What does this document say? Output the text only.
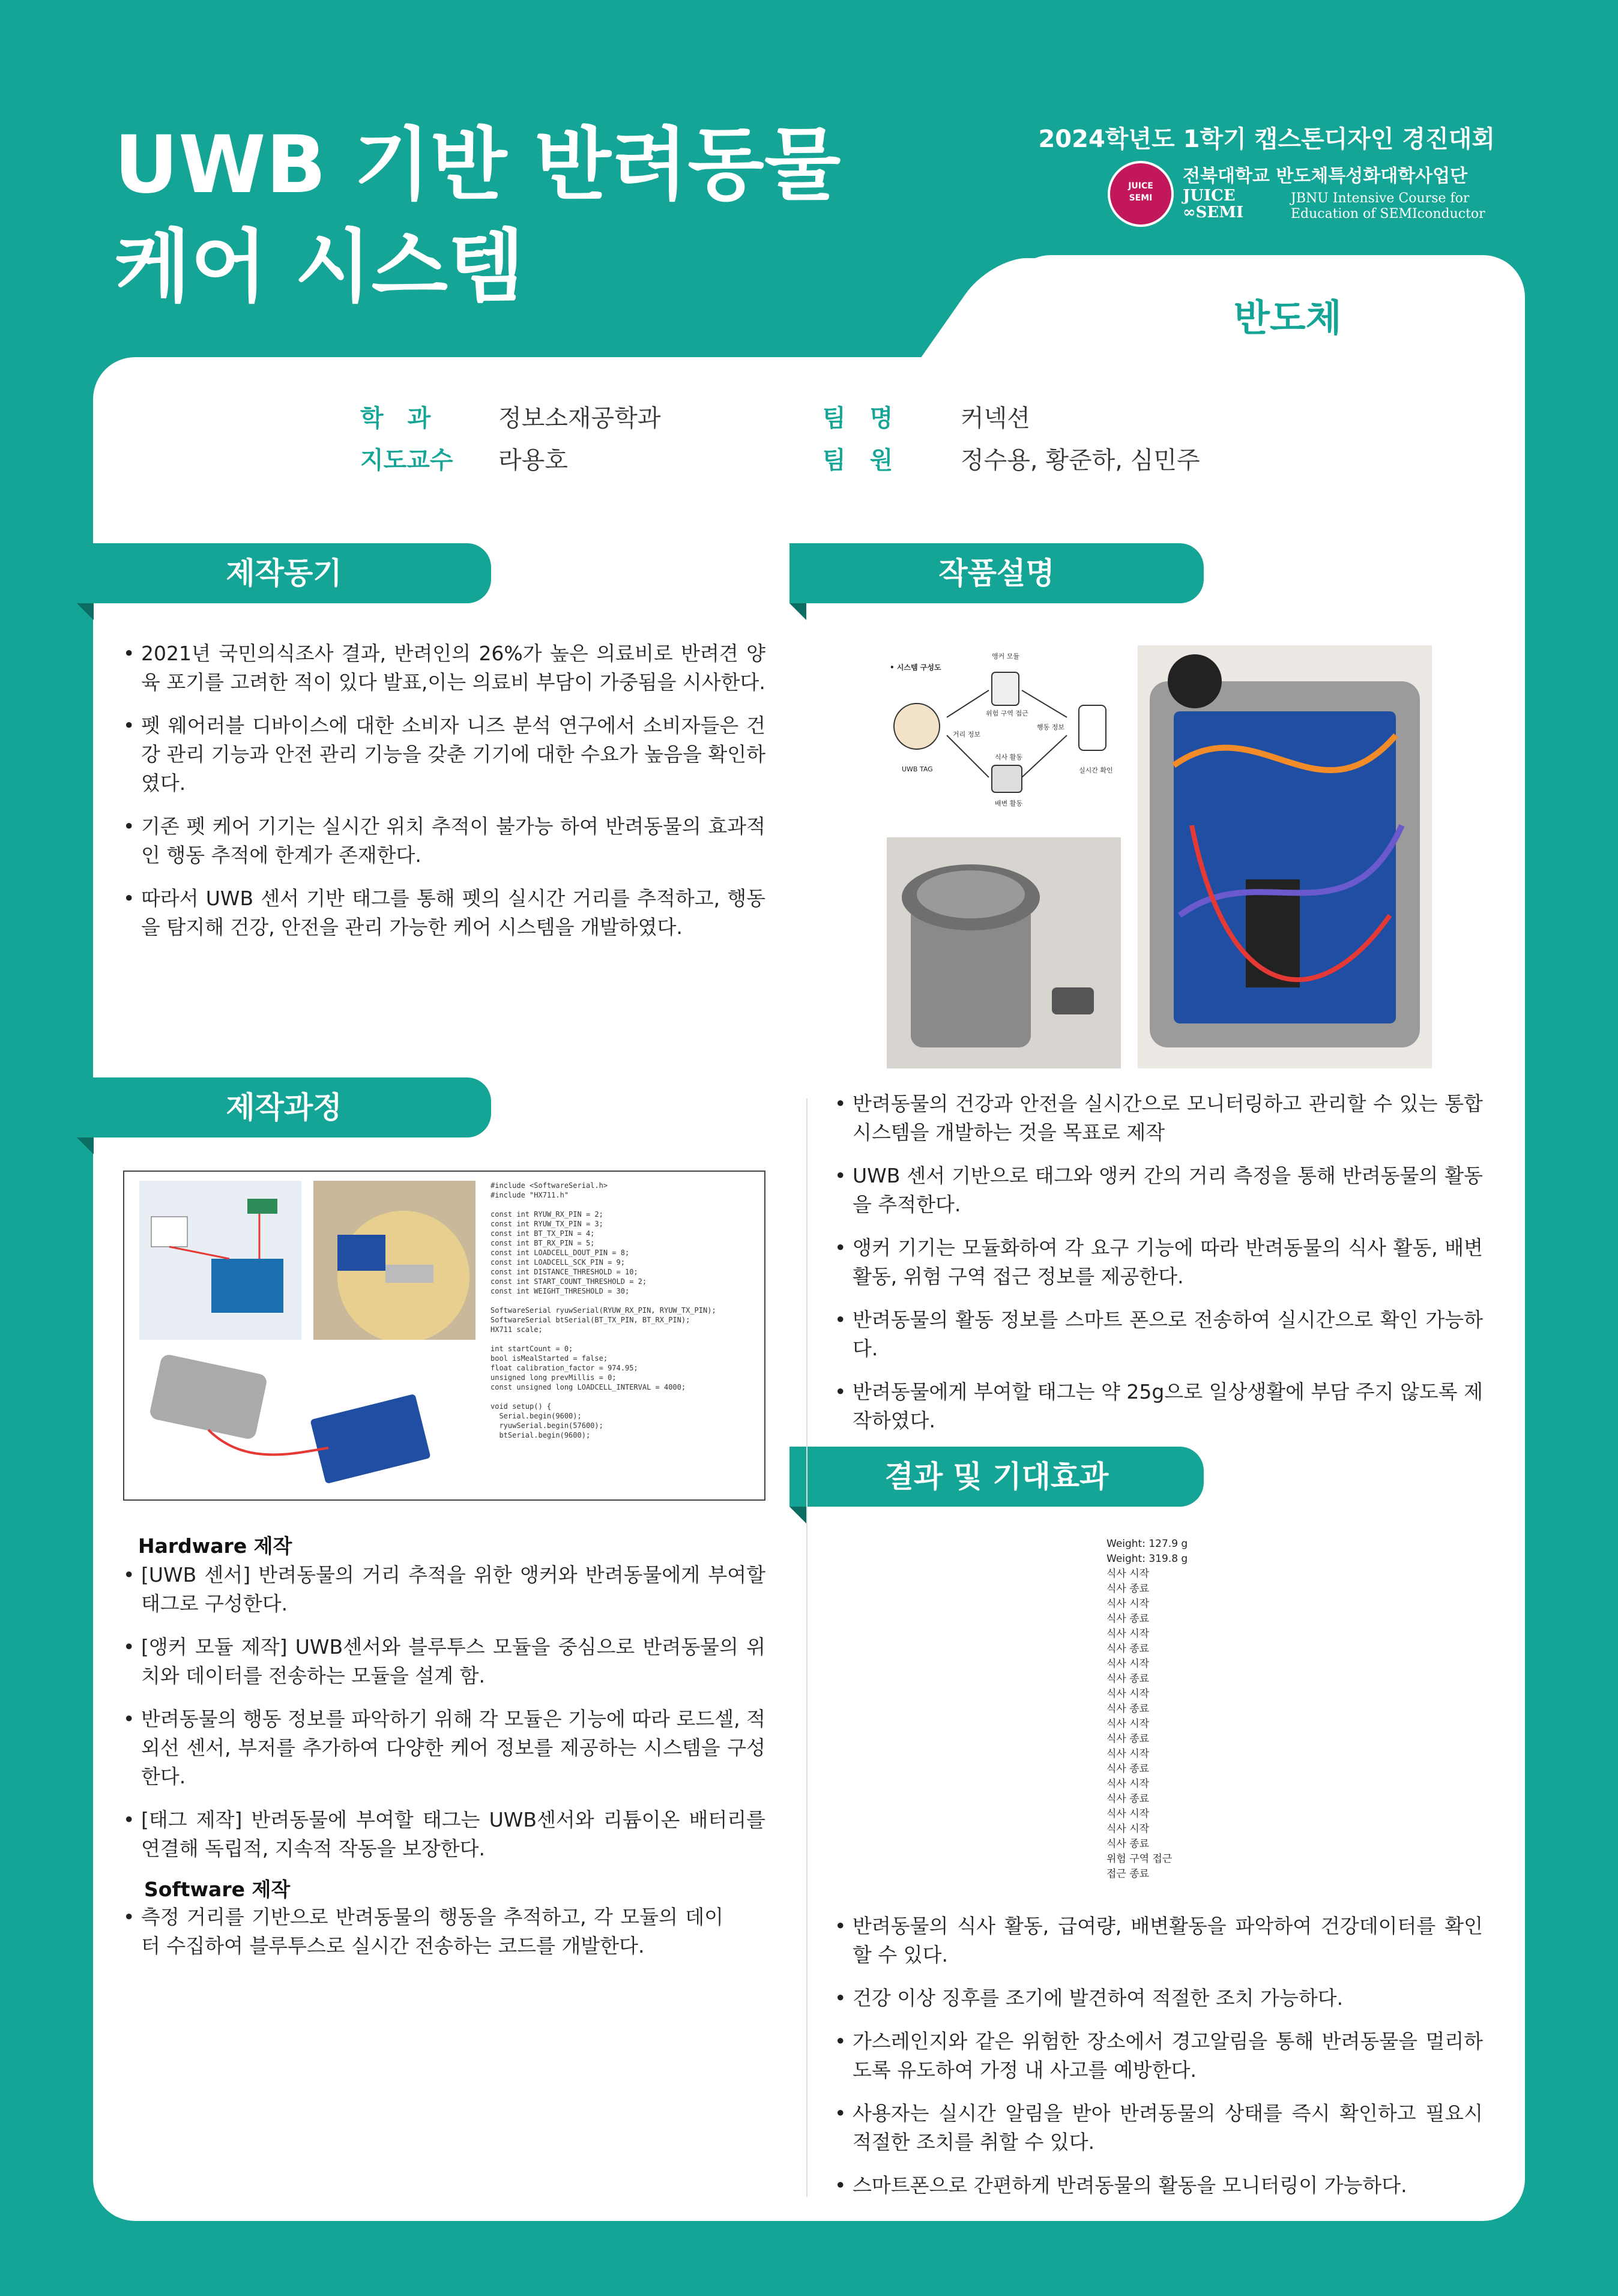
UWB 기반 반려동물
케어 시스템
2024학년도 1학기 캡스톤디자인 경진대회
JUICE
SEMI
전북대학교 반도체특성화대학사업단
JUICE
∞SEMI
JBNU Intensive Course for
Education of SEMIconductor
반도체
학　과	정보소재공학과
지도교수 라용호
팀　명	커넥션
팀　원	정수용, 황준하, 심민주
제작동기
• 2021년 국민의식조사 결과, 반려인의 26%가 높은 의료비로 반려견 양육 포기를 고려한 적이 있다 발표,이는 의료비 부담이 가중됨을 시사한다.
• 펫 웨어러블 디바이스에 대한 소비자 니즈 분석 연구에서 소비자들은 건강 관리 기능과 안전 관리 기능을 갖춘 기기에 대한 수요가 높음을 확인하였다.
• 기존 펫 케어 기기는 실시간 위치 추적이 불가능 하여 반려동물의 효과적인 행동 추적에 한계가 존재한다.
• 따라서 UWB 센서 기반 태그를 통해 펫의 실시간 거리를 추적하고, 행동을 탐지해 건강, 안전을 관리 가능한 케어 시스템을 개발하였다.
작품설명
• 시스템 구성도
앵커 모듈
위험 구역 접근
UWB TAG
거리 정보
행동 정보
실시간 확인
식사 활동
배변 활동
• 반려동물의 건강과 안전을 실시간으로 모니터링하고 관리할 수 있는 통합 시스템을 개발하는 것을 목표로 제작
• UWB 센서 기반으로 태그와 앵커 간의 거리 측정을 통해 반려동물의 활동을 추적한다.
• 앵커 기기는 모듈화하여 각 요구 기능에 따라 반려동물의 식사 활동, 배변 활동, 위험 구역 접근 정보를 제공한다.
• 반려동물의 활동 정보를 스마트 폰으로 전송하여 실시간으로 확인 가능하다.
• 반려동물에게 부여할 태그는 약 25g으로 일상생활에 부담 주지 않도록 제작하였다.
제작과정
#include <SoftwareSerial.h>
#include "HX711.h"

const int RYUW_RX_PIN = 2;
const int RYUW_TX_PIN = 3;
const int BT_TX_PIN = 4;
const int BT_RX_PIN = 5;
const int LOADCELL_DOUT_PIN = 8;
const int LOADCELL_SCK_PIN = 9;
const int DISTANCE_THRESHOLD = 10;
const int START_COUNT_THRESHOLD = 2;
const int WEIGHT_THRESHOLD = 30;

SoftwareSerial ryuwSerial(RYUW_RX_PIN, RYUW_TX_PIN);
SoftwareSerial btSerial(BT_TX_PIN, BT_RX_PIN);
HX711 scale;

int startCount = 0;
bool isMealStarted = false;
float calibration_factor = 974.95;
unsigned long prevMillis = 0;
const unsigned long LOADCELL_INTERVAL = 4000;

void setup() {
Serial.begin(9600);
ryuwSerial.begin(57600);
btSerial.begin(9600);
Hardware 제작
• [UWB 센서] 반려동물의 거리 추적을 위한 앵커와 반려동물에게 부여할 태그로 구성한다.
• [앵커 모듈 제작] UWB센서와 블루투스 모듈을 중심으로 반려동물의 위치와 데이터를 전송하는 모듈을 설계 함.
• 반려동물의 행동 정보를 파악하기 위해 각 모듈은 기능에 따라 로드셀, 적외선 센서, 부저를 추가하여 다양한 케어 정보를 제공하는 시스템을 구성한다.
• [태그 제작] 반려동물에 부여할 태그는 UWB센서와 리튬이온 배터리를 연결해 독립적, 지속적 작동을 보장한다.
Software 제작
• 측정 거리를 기반으로 반려동물의 행동을 추적하고, 각 모듈의 데이터 수집하여 블루투스로 실시간 전송하는 코드를 개발한다.
결과 및 기대효과
Weight: 127.9 g
Weight: 319.8 g
식사 시작
식사 종료
식사 시작
식사 종료
식사 시작
식사 종료
식사 시작
식사 종료
식사 시작
식사 종료
식사 시작
식사 종료
식사 시작
식사 종료
식사 시작
식사 종료
식사 시작
식사 시작
식사 종료
위험 구역 접근
접근 종료
• 반려동물의 식사 활동, 급여량, 배변활동을 파악하여 건강데이터를 확인할 수 있다.
• 건강 이상 징후를 조기에 발견하여 적절한 조치 가능하다.
• 가스레인지와 같은 위험한 장소에서 경고알림을 통해 반려동물을 멀리하도록 유도하여 가정 내 사고를 예방한다.
• 사용자는 실시간 알림을 받아 반려동물의 상태를 즉시 확인하고 필요시 적절한 조치를 취할 수 있다.
• 스마트폰으로 간편하게 반려동물의 활동을 모니터링이 가능하다.
